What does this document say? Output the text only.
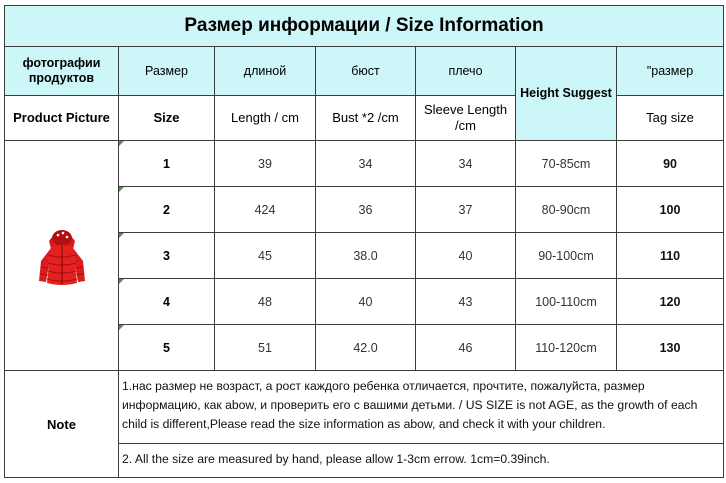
Размер информации / Size Information						
фотографии продуктов	Размер	длиной	бюст	плечо	Height Suggest	"размер
Product Picture	Size	Length / cm	Bust *2 /cm	Sleeve Length /cm		Tag size

1	39	34	34	70-85cm	90

2	424	36	37	80-90cm	100

3	45	38.0	40	90-100cm	110

4	48	40	43	100-110cm	120

5	51	42.0	46	110-120cm	130
Note	1.нас размер не возраст, а рост каждого ребенка отличается, прочтите, пожалуйста, размер информацию, как abow, и проверить его с вашими детьми. / US SIZE is not AGE, as the growth of each child is different,Please read the size information as abow, and check it with your children.
2. All the size are measured by hand, please allow 1-3cm errow. 1cm=0.39inch.					
